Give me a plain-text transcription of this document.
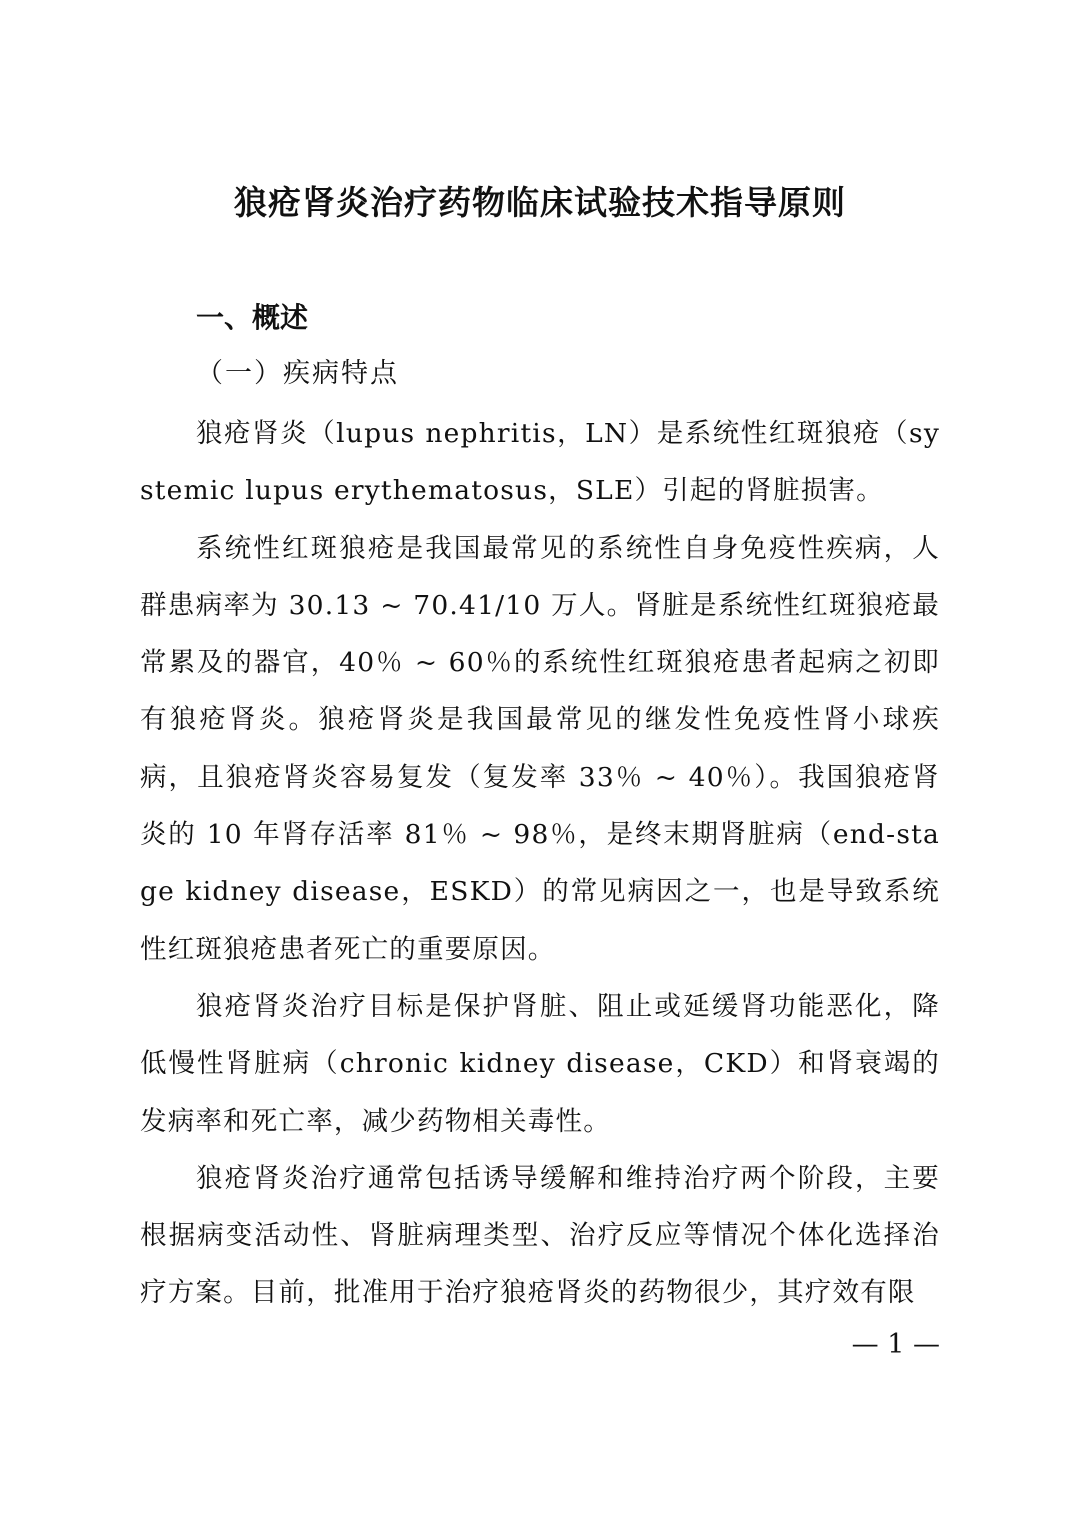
狼疮肾炎治疗药物临床试验技术指导原则
一、概述
（一）疾病特点

狼疮肾炎（lupus nephritis，LN）是系统性红斑狼疮（systemic lupus erythematosus，SLE）引起的肾脏损害。

系统性红斑狼疮是我国最常见的系统性自身免疫性疾病，人群患病率为 30.13 ~ 70.41/10 万人。肾脏是系统性红斑狼疮最常累及的器官，40％ ~ 60％的系统性红斑狼疮患者起病之初即有狼疮肾炎。狼疮肾炎是我国最常见的继发性免疫性肾小球疾病，且狼疮肾炎容易复发（复发率 33％ ~ 40％）。我国狼疮肾炎的 10 年肾存活率 81％ ~ 98％，是终末期肾脏病（end-stage kidney disease，ESKD）的常见病因之一，也是导致系统性红斑狼疮患者死亡的重要原因。

狼疮肾炎治疗目标是保护肾脏、阻止或延缓肾功能恶化，降低慢性肾脏病（chronic kidney disease，CKD）和肾衰竭的发病率和死亡率，减少药物相关毒性。

狼疮肾炎治疗通常包括诱导缓解和维持治疗两个阶段，主要根据病变活动性、肾脏病理类型、治疗反应等情况个体化选择治疗方案。目前，批准用于治疗狼疮肾炎的药物很少，其疗效有限

— 1 —
